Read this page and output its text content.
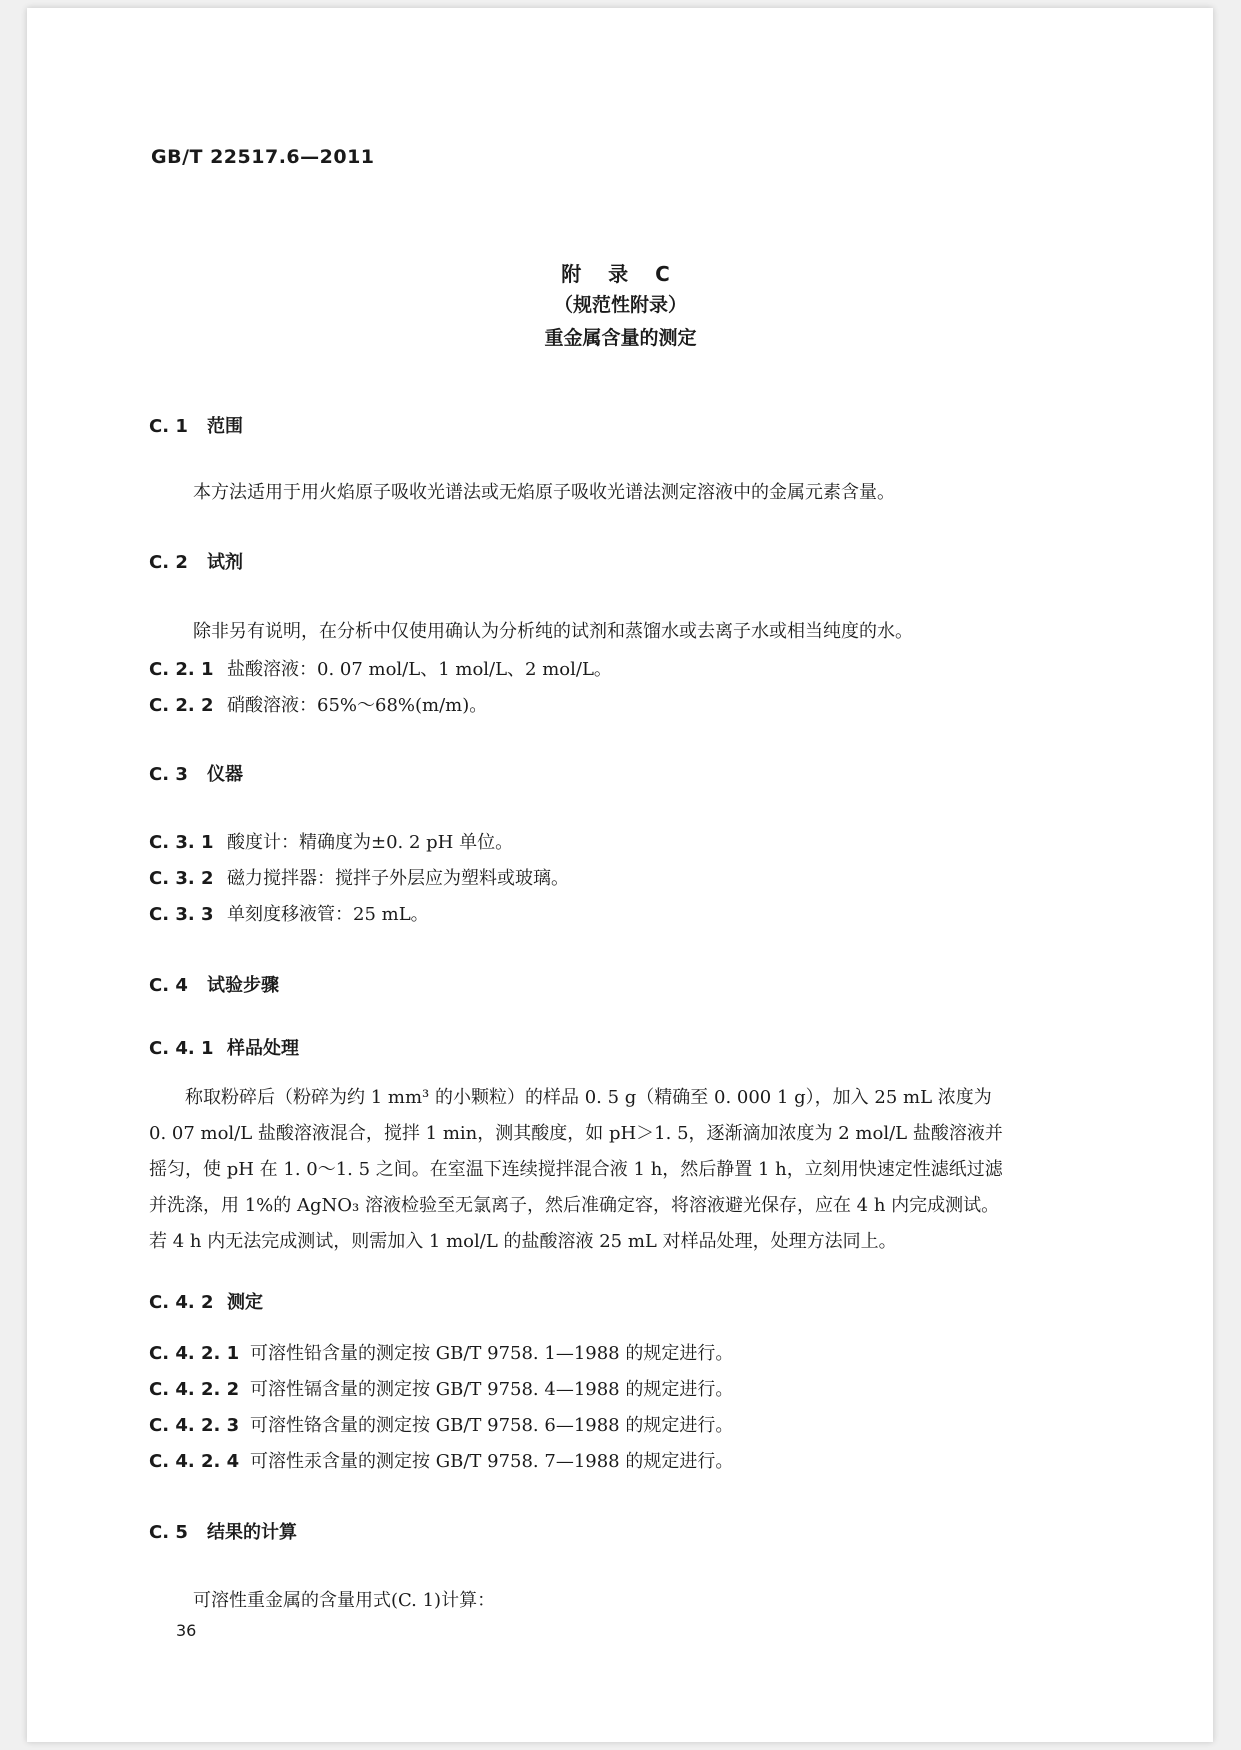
GB/T 22517.6—2011
附 录 C
（规范性附录）
重金属含量的测定
C. 1 范围
本方法适用于用火焰原子吸收光谱法或无焰原子吸收光谱法测定溶液中的金属元素含量。
C. 2 试剂
除非另有说明，在分析中仅使用确认为分析纯的试剂和蒸馏水或去离子水或相当纯度的水。
C. 2. 1 盐酸溶液：0. 07 mol/L、1 mol/L、2 mol/L。
C. 2. 2 硝酸溶液：65%～68%(m/m)。
C. 3 仪器
C. 3. 1 酸度计：精确度为±0. 2 pH 单位。
C. 3. 2 磁力搅拌器：搅拌子外层应为塑料或玻璃。
C. 3. 3 单刻度移液管：25 mL。
C. 4 试验步骤
C. 4. 1 样品处理
　　称取粉碎后（粉碎为约 1 mm³ 的小颗粒）的样品 0. 5 g（精确至 0. 000 1 g），加入 25 mL 浓度为
0. 07 mol/L 盐酸溶液混合，搅拌 1 min，测其酸度，如 pH＞1. 5，逐渐滴加浓度为 2 mol/L 盐酸溶液并
摇匀，使 pH 在 1. 0～1. 5 之间。在室温下连续搅拌混合液 1 h，然后静置 1 h，立刻用快速定性滤纸过滤
并洗涤，用 1%的 AgNO₃ 溶液检验至无氯离子，然后准确定容，将溶液避光保存，应在 4 h 内完成测试。
若 4 h 内无法完成测试，则需加入 1 mol/L 的盐酸溶液 25 mL 对样品处理，处理方法同上。
C. 4. 2 测定
C. 4. 2. 1 可溶性铅含量的测定按 GB/T 9758. 1—1988 的规定进行。
C. 4. 2. 2 可溶性镉含量的测定按 GB/T 9758. 4—1988 的规定进行。
C. 4. 2. 3 可溶性铬含量的测定按 GB/T 9758. 6—1988 的规定进行。
C. 4. 2. 4 可溶性汞含量的测定按 GB/T 9758. 7—1988 的规定进行。
C. 5 结果的计算
可溶性重金属的含量用式(C. 1)计算：
36
